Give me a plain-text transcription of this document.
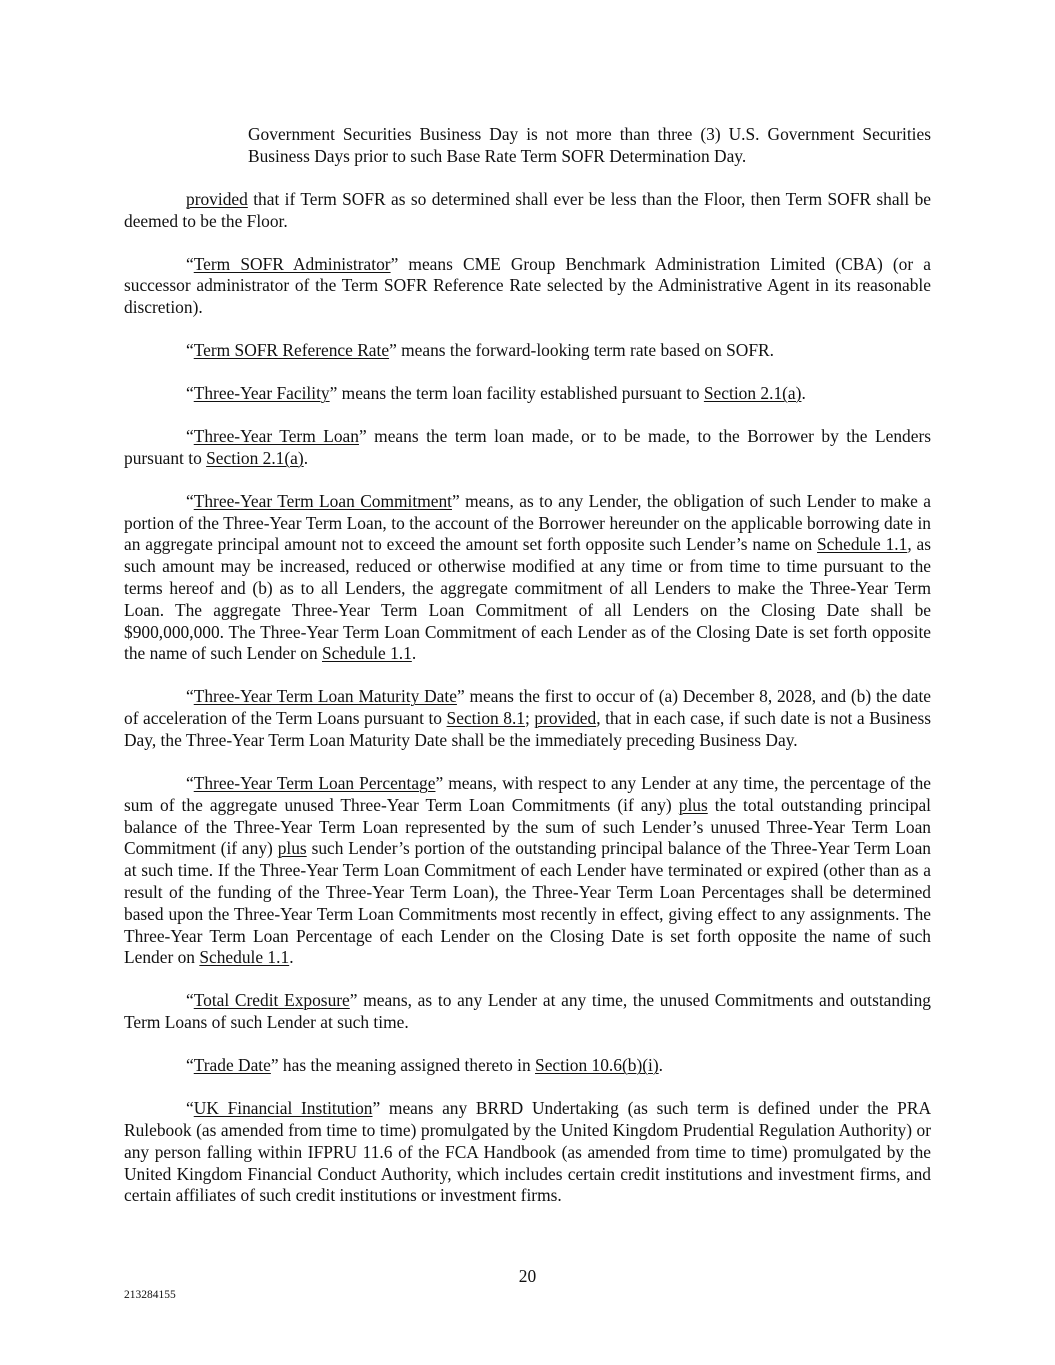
Government Securities Business Day is not more than three (3) U.S. Government Securities Business Days prior to such Base Rate Term SOFR Determination Day.

provided that if Term SOFR as so determined shall ever be less than the Floor, then Term SOFR shall be deemed to be the Floor.

“Term SOFR Administrator” means CME Group Benchmark Administration Limited (CBA) (or a successor administrator of the Term SOFR Reference Rate selected by the Administrative Agent in its reasonable discretion).

“Term SOFR Reference Rate” means the forward-looking term rate based on SOFR.

“Three-Year Facility” means the term loan facility established pursuant to Section 2.1(a).

“Three-Year Term Loan” means the term loan made, or to be made, to the Borrower by the Lenders pursuant to Section 2.1(a).

“Three-Year Term Loan Commitment” means, as to any Lender, the obligation of such Lender to make a portion of the Three-Year Term Loan, to the account of the Borrower hereunder on the applicable borrowing date in an aggregate principal amount not to exceed the amount set forth opposite such Lender’s name on Schedule 1.1, as such amount may be increased, reduced or otherwise modified at any time or from time to time pursuant to the terms hereof and (b) as to all Lenders, the aggregate commitment of all Lenders to make the Three-Year Term Loan. The aggregate Three-Year Term Loan Commitment of all Lenders on the Closing Date shall be $900,000,000. The Three-Year Term Loan Commitment of each Lender as of the Closing Date is set forth opposite the name of such Lender on Schedule 1.1.

“Three-Year Term Loan Maturity Date” means the first to occur of (a) December 8, 2028, and (b) the date of acceleration of the Term Loans pursuant to Section 8.1; provided, that in each case, if such date is not a Business Day, the Three-Year Term Loan Maturity Date shall be the immediately preceding Business Day.

“Three-Year Term Loan Percentage” means, with respect to any Lender at any time, the percentage of the sum of the aggregate unused Three-Year Term Loan Commitments (if any) plus the total outstanding principal balance of the Three-Year Term Loan represented by the sum of such Lender’s unused Three-Year Term Loan Commitment (if any) plus such Lender’s portion of the outstanding principal balance of the Three-Year Term Loan at such time. If the Three-Year Term Loan Commitment of each Lender have terminated or expired (other than as a result of the funding of the Three-Year Term Loan), the Three-Year Term Loan Percentages shall be determined based upon the Three-Year Term Loan Commitments most recently in effect, giving effect to any assignments. The Three-Year Term Loan Percentage of each Lender on the Closing Date is set forth opposite the name of such Lender on Schedule 1.1.

“Total Credit Exposure” means, as to any Lender at any time, the unused Commitments and outstanding Term Loans of such Lender at such time.

“Trade Date” has the meaning assigned thereto in Section 10.6(b)(i).

“UK Financial Institution” means any BRRD Undertaking (as such term is defined under the PRA Rulebook (as amended from time to time) promulgated by the United Kingdom Prudential Regulation Authority) or any person falling within IFPRU 11.6 of the FCA Handbook (as amended from time to time) promulgated by the United Kingdom Financial Conduct Authority, which includes certain credit institutions and investment firms, and certain affiliates of such credit institutions or investment firms.

20
213284155
